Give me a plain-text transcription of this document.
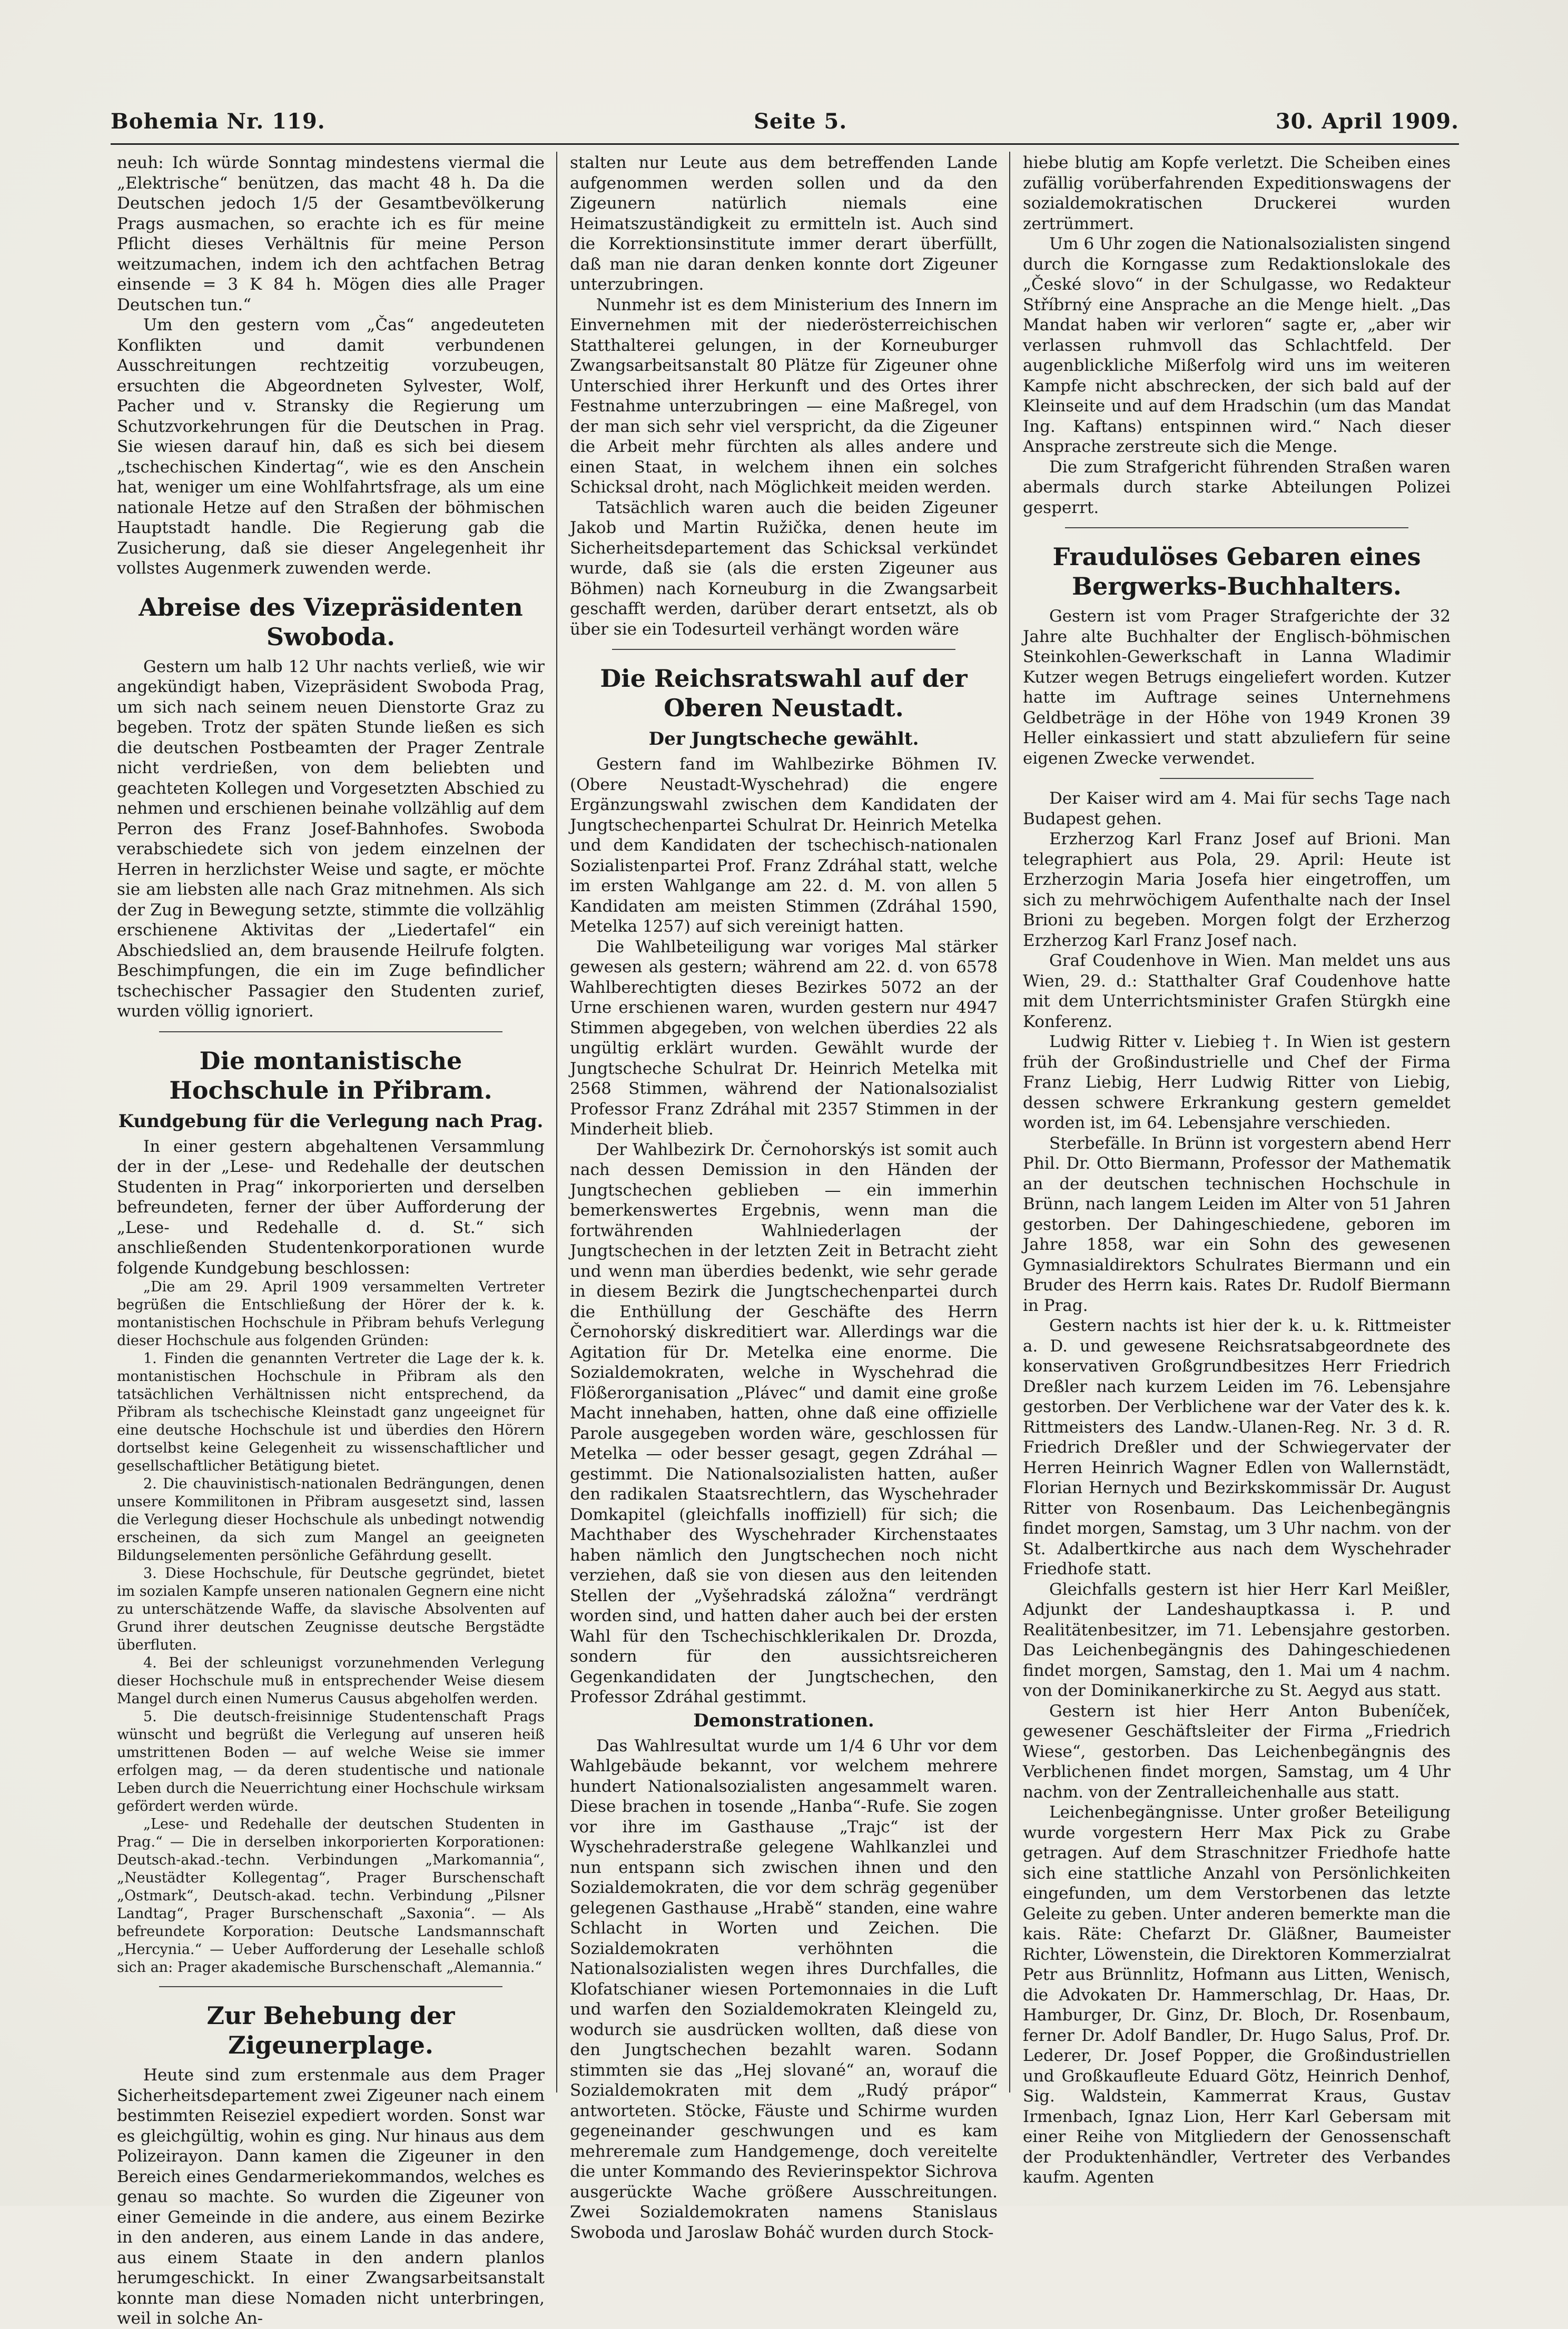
Bohemia Nr. 119.	Seite 5.	30. April 1909.

neuh: Ich würde Sonntag mindestens viermal die „Elektrische“ benützen, das macht 48 h. Da die Deutschen jedoch 1/5 der Gesamtbevölkerung Prags ausmachen, so erachte ich es für meine Pflicht dieses Verhältnis für meine Person weitzumachen, indem ich den achtfachen Betrag einsende = 3 K 84 h. Mögen dies alle Prager Deutschen tun.“

Um den gestern vom „Čas“ angedeuteten Konflikten und damit verbundenen Ausschreitungen rechtzeitig vorzubeugen, ersuchten die Abgeordneten Sylvester, Wolf, Pacher und v. Stransky die Regierung um Schutzvorkehrungen für die Deutschen in Prag. Sie wiesen darauf hin, daß es sich bei diesem „tschechischen Kindertag“, wie es den Anschein hat, weniger um eine Wohlfahrtsfrage, als um eine nationale Hetze auf den Straßen der böhmischen Hauptstadt handle. Die Regierung gab die Zusicherung, daß sie dieser Angelegenheit ihr vollstes Augenmerk zuwenden werde.

Abreise des Vizepräsidenten Swoboda.

Gestern um halb 12 Uhr nachts verließ, wie wir angekündigt haben, Vizepräsident Swoboda Prag, um sich nach seinem neuen Dienstorte Graz zu begeben. Trotz der späten Stunde ließen es sich die deutschen Postbeamten der Prager Zentrale nicht verdrießen, von dem beliebten und geachteten Kollegen und Vorgesetzten Abschied zu nehmen und erschienen beinahe vollzählig auf dem Perron des Franz Josef-Bahnhofes. Swoboda verabschiedete sich von jedem einzelnen der Herren in herzlichster Weise und sagte, er möchte sie am liebsten alle nach Graz mitnehmen. Als sich der Zug in Bewegung setzte, stimmte die vollzählig erschienene Aktivitas der „Liedertafel“ ein Abschiedslied an, dem brausende Heilrufe folgten. Beschimpfungen, die ein im Zuge befindlicher tschechischer Passagier den Studenten zurief, wurden völlig ignoriert.

Die montanistische Hochschule in Přibram.
Kundgebung für die Verlegung nach Prag.

In einer gestern abgehaltenen Versammlung der in der „Lese- und Redehalle der deutschen Studenten in Prag“ inkorporierten und derselben befreundeten, ferner der über Aufforderung der „Lese- und Redehalle d. d. St.“ sich anschließenden Studentenkorporationen wurde folgende Kundgebung beschlossen:

„Die am 29. April 1909 versammelten Vertreter begrüßen die Entschließung der Hörer der k. k. montanistischen Hochschule in Přibram behufs Verlegung dieser Hochschule aus folgenden Gründen:

1. Finden die genannten Vertreter die Lage der k. k. montanistischen Hochschule in Přibram als den tatsächlichen Verhältnissen nicht entsprechend, da Přibram als tschechische Kleinstadt ganz ungeeignet für eine deutsche Hochschule ist und überdies den Hörern dortselbst keine Gelegenheit zu wissenschaftlicher und gesellschaftlicher Betätigung bietet.

2. Die chauvinistisch-nationalen Bedrängungen, denen unsere Kommilitonen in Přibram ausgesetzt sind, lassen die Verlegung dieser Hochschule als unbedingt notwendig erscheinen, da sich zum Mangel an geeigneten Bildungselementen persönliche Gefährdung gesellt.

3. Diese Hochschule, für Deutsche gegründet, bietet im sozialen Kampfe unseren nationalen Gegnern eine nicht zu unterschätzende Waffe, da slavische Absolventen auf Grund ihrer deutschen Zeugnisse deutsche Bergstädte überfluten.

4. Bei der schleunigst vorzunehmenden Verlegung dieser Hochschule muß in entsprechender Weise diesem Mangel durch einen Numerus Causus abgeholfen werden.

5. Die deutsch-freisinnige Studentenschaft Prags wünscht und begrüßt die Verlegung auf unseren heiß umstrittenen Boden — auf welche Weise sie immer erfolgen mag, — da deren studentische und nationale Leben durch die Neuerrichtung einer Hochschule wirksam gefördert werden würde.

„Lese- und Redehalle der deutschen Studenten in Prag.“ — Die in derselben inkorporierten Korporationen: Deutsch-akad.-techn. Verbindungen „Markomannia“, „Neustädter Kollegentag“, Prager Burschenschaft „Ostmark“, Deutsch-akad. techn. Verbindung „Pilsner Landtag“, Prager Burschenschaft „Saxonia“. — Als befreundete Korporation: Deutsche Landsmannschaft „Hercynia.“ — Ueber Aufforderung der Lesehalle schloß sich an: Prager akademische Burschenschaft „Alemannia.“

Zur Behebung der Zigeunerplage.

Heute sind zum erstenmale aus dem Prager Sicherheitsdepartement zwei Zigeuner nach einem bestimmten Reiseziel expediert worden. Sonst war es gleichgültig, wohin es ging. Nur hinaus aus dem Polizeirayon. Dann kamen die Zigeuner in den Bereich eines Gendarmeriekommandos, welches es genau so machte. So wurden die Zigeuner von einer Gemeinde in die andere, aus einem Bezirke in den anderen, aus einem Lande in das andere, aus einem Staate in den andern planlos herumgeschickt. In einer Zwangsarbeitsanstalt konnte man diese Nomaden nicht unterbringen, weil in solche An-

stalten nur Leute aus dem betreffenden Lande aufgenommen werden sollen und da den Zigeunern natürlich niemals eine Heimatszuständigkeit zu ermitteln ist. Auch sind die Korrektionsinstitute immer derart überfüllt, daß man nie daran denken konnte dort Zigeuner unterzubringen.

Nunmehr ist es dem Ministerium des Innern im Einvernehmen mit der niederösterreichischen Statthalterei gelungen, in der Korneuburger Zwangsarbeitsanstalt 80 Plätze für Zigeuner ohne Unterschied ihrer Herkunft und des Ortes ihrer Festnahme unterzubringen — eine Maßregel, von der man sich sehr viel verspricht, da die Zigeuner die Arbeit mehr fürchten als alles andere und einen Staat, in welchem ihnen ein solches Schicksal droht, nach Möglichkeit meiden werden.

Tatsächlich waren auch die beiden Zigeuner Jakob und Martin Ružička, denen heute im Sicherheitsdepartement das Schicksal verkündet wurde, daß sie (als die ersten Zigeuner aus Böhmen) nach Korneuburg in die Zwangsarbeit geschafft werden, darüber derart entsetzt, als ob über sie ein Todesurteil verhängt worden wäre

Die Reichsratswahl auf der Oberen Neustadt.
Der Jungtscheche gewählt.

Gestern fand im Wahlbezirke Böhmen IV. (Obere Neustadt-Wyschehrad) die engere Ergänzungswahl zwischen dem Kandidaten der Jungtschechenpartei Schulrat Dr. Heinrich Metelka und dem Kandidaten der tschechisch-nationalen Sozialistenpartei Prof. Franz Zdráhal statt, welche im ersten Wahlgange am 22. d. M. von allen 5 Kandidaten am meisten Stimmen (Zdráhal 1590, Metelka 1257) auf sich vereinigt hatten.

Die Wahlbeteiligung war voriges Mal stärker gewesen als gestern; während am 22. d. von 6578 Wahlberechtigten dieses Bezirkes 5072 an der Urne erschienen waren, wurden gestern nur 4947 Stimmen abgegeben, von welchen überdies 22 als ungültig erklärt wurden. Gewählt wurde der Jungtscheche Schulrat Dr. Heinrich Metelka mit 2568 Stimmen, während der Nationalsozialist Professor Franz Zdráhal mit 2357 Stimmen in der Minderheit blieb.

Der Wahlbezirk Dr. Černohorskýs ist somit auch nach dessen Demission in den Händen der Jungtschechen geblieben — ein immerhin bemerkenswertes Ergebnis, wenn man die fortwährenden Wahlniederlagen der Jungtschechen in der letzten Zeit in Betracht zieht und wenn man überdies bedenkt, wie sehr gerade in diesem Bezirk die Jungtschechenpartei durch die Enthüllung der Geschäfte des Herrn Černohorský diskreditiert war. Allerdings war die Agitation für Dr. Metelka eine enorme. Die Sozialdemokraten, welche in Wyschehrad die Flößerorganisation „Plávec“ und damit eine große Macht innehaben, hatten, ohne daß eine offizielle Parole ausgegeben worden wäre, geschlossen für Metelka — oder besser gesagt, gegen Zdráhal — gestimmt. Die Nationalsozialisten hatten, außer den radikalen Staatsrechtlern, das Wyschehrader Domkapitel (gleichfalls inoffiziell) für sich; die Machthaber des Wyschehrader Kirchenstaates haben nämlich den Jungtschechen noch nicht verziehen, daß sie von diesen aus den leitenden Stellen der „Vyšehradská záložna“ verdrängt worden sind, und hatten daher auch bei der ersten Wahl für den Tschechischklerikalen Dr. Drozda, sondern für den aussichtsreicheren Gegenkandidaten der Jungtschechen, den Professor Zdráhal gestimmt.

Demonstrationen.

Das Wahlresultat wurde um 1/4 6 Uhr vor dem Wahlgebäude bekannt, vor welchem mehrere hundert Nationalsozialisten angesammelt waren. Diese brachen in tosende „Hanba“-Rufe. Sie zogen vor ihre im Gasthause „Trajc“ ist der Wyschehraderstraße gelegene Wahlkanzlei und nun entspann sich zwischen ihnen und den Sozialdemokraten, die vor dem schräg gegenüber gelegenen Gasthause „Hrabě“ standen, eine wahre Schlacht in Worten und Zeichen. Die Sozialdemokraten verhöhnten die Nationalsozialisten wegen ihres Durchfalles, die Klofatschianer wiesen Portemonnaies in die Luft und warfen den Sozialdemokraten Kleingeld zu, wodurch sie ausdrücken wollten, daß diese von den Jungtschechen bezahlt waren. Sodann stimmten sie das „Hej slované“ an, worauf die Sozialdemokraten mit dem „Rudý prápor“ antworteten. Stöcke, Fäuste und Schirme wurden gegeneinander geschwungen und es kam mehreremale zum Handgemenge, doch vereitelte die unter Kommando des Revierinspektor Sichrova ausgerückte Wache größere Ausschreitungen. Zwei Sozialdemokraten namens Stanislaus Swoboda und Jaroslaw Boháč wurden durch Stock-

hiebe blutig am Kopfe verletzt. Die Scheiben eines zufällig vorüberfahrenden Expeditionswagens der sozialdemokratischen Druckerei wurden zertrümmert.

Um 6 Uhr zogen die Nationalsozialisten singend durch die Korngasse zum Redaktionslokale des „České slovo“ in der Schulgasse, wo Redakteur Stříbrný eine Ansprache an die Menge hielt. „Das Mandat haben wir verloren“ sagte er, „aber wir verlassen ruhmvoll das Schlachtfeld. Der augenblickliche Mißerfolg wird uns im weiteren Kampfe nicht abschrecken, der sich bald auf der Kleinseite und auf dem Hradschin (um das Mandat Ing. Kaftans) entspinnen wird.“ Nach dieser Ansprache zerstreute sich die Menge.

Die zum Strafgericht führenden Straßen waren abermals durch starke Abteilungen Polizei gesperrt.

Fraudulöses Gebaren eines Bergwerks-Buchhalters.

Gestern ist vom Prager Strafgerichte der 32 Jahre alte Buchhalter der Englisch-böhmischen Steinkohlen-Gewerkschaft in Lanna Wladimir Kutzer wegen Betrugs eingeliefert worden. Kutzer hatte im Auftrage seines Unternehmens Geldbeträge in der Höhe von 1949 Kronen 39 Heller einkassiert und statt abzuliefern für seine eigenen Zwecke verwendet.

Der Kaiser wird am 4. Mai für sechs Tage nach Budapest gehen.

Erzherzog Karl Franz Josef auf Brioni. Man telegraphiert aus Pola, 29. April: Heute ist Erzherzogin Maria Josefa hier eingetroffen, um sich zu mehrwöchigem Aufenthalte nach der Insel Brioni zu begeben. Morgen folgt der Erzherzog Erzherzog Karl Franz Josef nach.

Graf Coudenhove in Wien. Man meldet uns aus Wien, 29. d.: Statthalter Graf Coudenhove hatte mit dem Unterrichtsminister Grafen Stürgkh eine Konferenz.

Ludwig Ritter v. Liebieg †. In Wien ist gestern früh der Großindustrielle und Chef der Firma Franz Liebig, Herr Ludwig Ritter von Liebig, dessen schwere Erkrankung gestern gemeldet worden ist, im 64. Lebensjahre verschieden.

Sterbefälle. In Brünn ist vorgestern abend Herr Phil. Dr. Otto Biermann, Professor der Mathematik an der deutschen technischen Hochschule in Brünn, nach langem Leiden im Alter von 51 Jahren gestorben. Der Dahingeschiedene, geboren im Jahre 1858, war ein Sohn des gewesenen Gymnasialdirektors Schulrates Biermann und ein Bruder des Herrn kais. Rates Dr. Rudolf Biermann in Prag.

Gestern nachts ist hier der k. u. k. Rittmeister a. D. und gewesene Reichsratsabgeordnete des konservativen Großgrundbesitzes Herr Friedrich Dreßler nach kurzem Leiden im 76. Lebensjahre gestorben. Der Verblichene war der Vater des k. k. Rittmeisters des Landw.-Ulanen-Reg. Nr. 3 d. R. Friedrich Dreßler und der Schwiegervater der Herren Heinrich Wagner Edlen von Wallernstädt, Florian Hernych und Bezirkskommissär Dr. August Ritter von Rosenbaum. Das Leichenbegängnis findet morgen, Samstag, um 3 Uhr nachm. von der St. Adalbertkirche aus nach dem Wyschehrader Friedhofe statt.

Gleichfalls gestern ist hier Herr Karl Meißler, Adjunkt der Landeshauptkassa i. P. und Realitätenbesitzer, im 71. Lebensjahre gestorben. Das Leichenbegängnis des Dahingeschiedenen findet morgen, Samstag, den 1. Mai um 4 nachm. von der Dominikanerkirche zu St. Aegyd aus statt.

Gestern ist hier Herr Anton Bubeníček, gewesener Geschäftsleiter der Firma „Friedrich Wiese“, gestorben. Das Leichenbegängnis des Verblichenen findet morgen, Samstag, um 4 Uhr nachm. von der Zentralleichenhalle aus statt.

Leichenbegängnisse. Unter großer Beteiligung wurde vorgestern Herr Max Pick zu Grabe getragen. Auf dem Straschnitzer Friedhofe hatte sich eine stattliche Anzahl von Persönlichkeiten eingefunden, um dem Verstorbenen das letzte Geleite zu geben. Unter anderen bemerkte man die kais. Räte: Chefarzt Dr. Gläßner, Baumeister Richter, Löwenstein, die Direktoren Kommerzialrat Petr aus Brünnlitz, Hofmann aus Litten, Wenisch, die Advokaten Dr. Hammerschlag, Dr. Haas, Dr. Hamburger, Dr. Ginz, Dr. Bloch, Dr. Rosenbaum, ferner Dr. Adolf Bandler, Dr. Hugo Salus, Prof. Dr. Lederer, Dr. Josef Popper, die Großindustriellen und Großkaufleute Eduard Götz, Heinrich Denhof, Sig. Waldstein, Kammerrat Kraus, Gustav Irmenbach, Ignaz Lion, Herr Karl Gebersam mit einer Reihe von Mitgliedern der Genossenschaft der Produktenhändler, Vertreter des Verbandes kaufm. Agenten
